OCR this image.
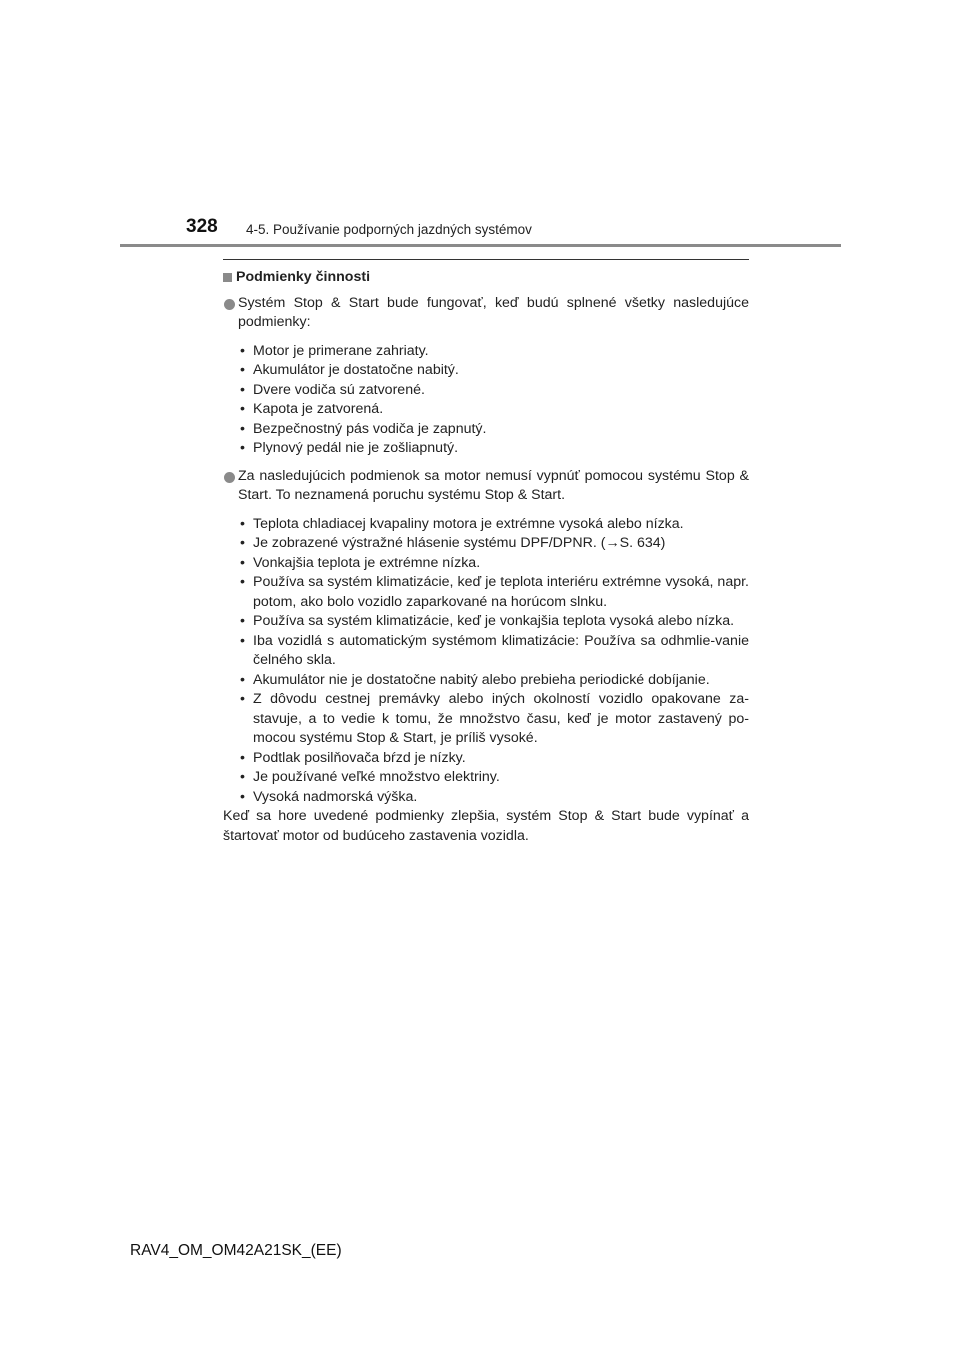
328 4-5. Používanie podporných jazdných systémov
Podmienky činnosti
Systém Stop & Start bude fungovať, keď budú splnené všetky nasledujúce podmienky:
• Motor je primerane zahriaty.
• Akumulátor je dostatočne nabitý.
• Dvere vodiča sú zatvorené.
• Kapota je zatvorená.
• Bezpečnostný pás vodiča je zapnutý.
• Plynový pedál nie je zošliapnutý.
Za nasledujúcich podmienok sa motor nemusí vypnúť pomocou systému Stop & Start. To neznamená poruchu systému Stop & Start.
• Teplota chladiacej kvapaliny motora je extrémne vysoká alebo nízka.
• Je zobrazené výstražné hlásenie systému DPF/DPNR. (→S. 634)
• Vonkajšia teplota je extrémne nízka.
• Používa sa systém klimatizácie, keď je teplota interiéru extrémne vysoká, napr. potom, ako bolo vozidlo zaparkované na horúcom slnku.
• Používa sa systém klimatizácie, keď je vonkajšia teplota vysoká alebo nízka.
• Iba vozidlá s automatickým systémom klimatizácie: Používa sa odhmlie-vanie čelného skla.
• Akumulátor nie je dostatočne nabitý alebo prebieha periodické dobíjanie.
• Z dôvodu cestnej premávky alebo iných okolností vozidlo opakovane za-stavuje, a to vedie k tomu, že množstvo času, keď je motor zastavený po-mocou systému Stop & Start, je príliš vysoké.
• Podtlak posilňovača bŕzd je nízky.
• Je používané veľké množstvo elektriny.
• Vysoká nadmorská výška.

Keď sa hore uvedené podmienky zlepšia, systém Stop & Start bude vypínať a štartovať motor od budúceho zastavenia vozidla.

RAV4_OM_OM42A21SK_(EE)
